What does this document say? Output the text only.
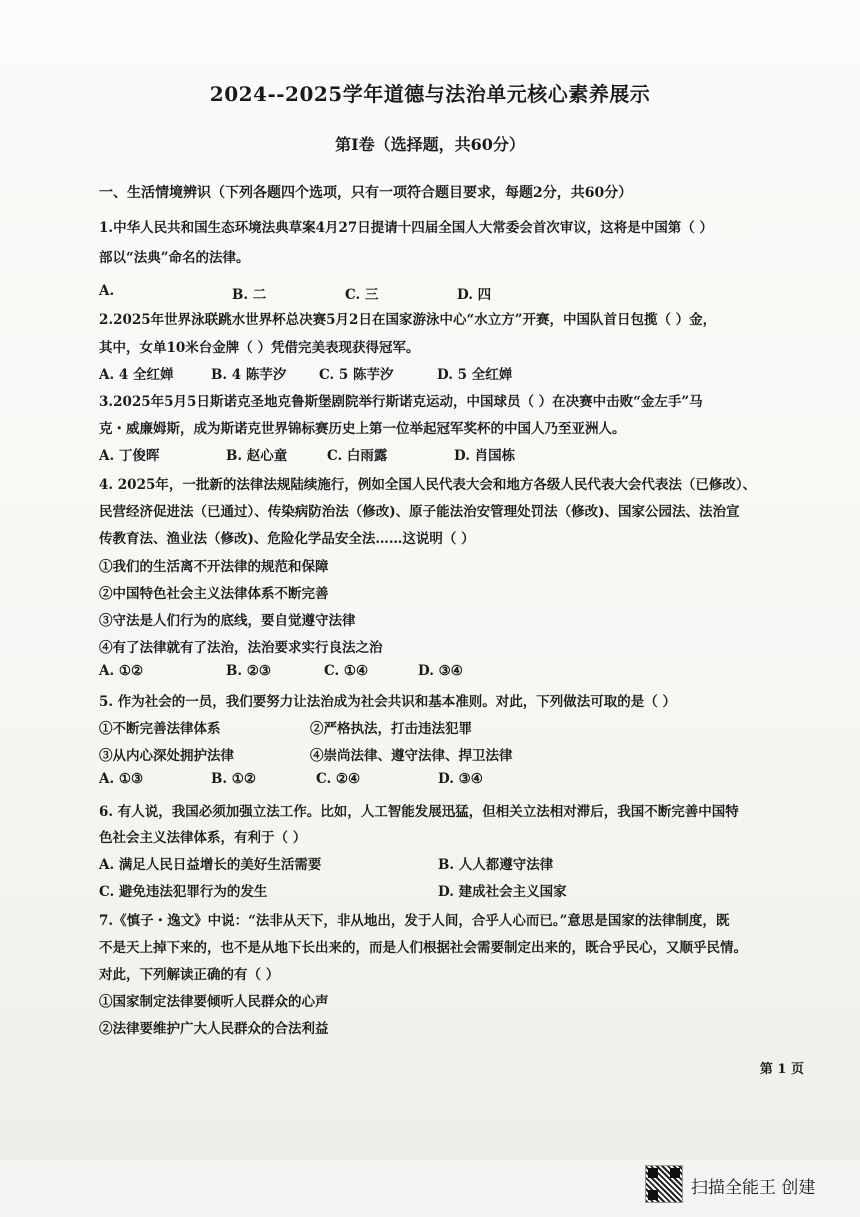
2024--2025学年道德与法治单元核心素养展示
第Ⅰ卷（选择题，共60分）
一、生活情境辨识（下列各题四个选项，只有一项符合题目要求，每题2分，共60分）
1.中华人民共和国生态环境法典草案4月27日提请十四届全国人大常委会首次审议，这将是中国第（ ）
部以“法典”命名的法律。
A.	B. 二	C. 三	D. 四
2.2025年世界泳联跳水世界杯总决赛5月2日在国家游泳中心“水立方”开赛，中国队首日包揽（ ）金，
其中，女单10米台金牌（ ）凭借完美表现获得冠军。
A. 4 全红婵	B. 4 陈芋汐 C. 5 陈芋汐	D. 5 全红婵
3.2025年5月5日斯诺克圣地克鲁斯堡剧院举行斯诺克运动，中国球员（ ）在决赛中击败“金左手”马
克・威廉姆斯，成为斯诺克世界锦标赛历史上第一位举起冠军奖杯的中国人乃至亚洲人。
A. 丁俊晖	B. 赵心童	C. 白雨露	D. 肖国栋
4. 2025年，一批新的法律法规陆续施行，例如全国人民代表大会和地方各级人民代表大会代表法（已修改）、
民营经济促进法（已通过）、传染病防治法（修改)、原子能法治安管理处罚法（修改)、国家公园法、法治宣
传教育法、渔业法（修改)、危险化学品安全法……这说明（ ）
①我们的生活离不开法律的规范和保障
②中国特色社会主义法律体系不断完善
③守法是人们行为的底线，要自觉遵守法律
④有了法律就有了法治，法治要求实行良法之治
A. ①②	B. ②③	C. ①④	D. ③④
5. 作为社会的一员，我们要努力让法治成为社会共识和基本准则。对此，下列做法可取的是（ ）
①不断完善法律体系	②严格执法，打击违法犯罪
③从内心深处拥护法律	④崇尚法律、遵守法律、捍卫法律
A. ①③	B. ①②	C. ②④	D. ③④
6. 有人说，我国必须加强立法工作。比如，人工智能发展迅猛，但相关立法相对滞后，我国不断完善中国特
色社会主义法律体系，有利于（ ）
A. 满足人民日益增长的美好生活需要	B. 人人都遵守法律
C. 避免违法犯罪行为的发生	D. 建成社会主义国家
7.《慎子・逸文》中说：“法非从天下，非从地出，发于人间，合乎人心而已。”意思是国家的法律制度，既
不是天上掉下来的，也不是从地下长出来的，而是人们根据社会需要制定出来的，既合乎民心，又顺乎民情。
对此，下列解读正确的有（ ）
①国家制定法律要倾听人民群众的心声
②法律要维护广大人民群众的合法利益
第 1 页
扫描全能王 创建
